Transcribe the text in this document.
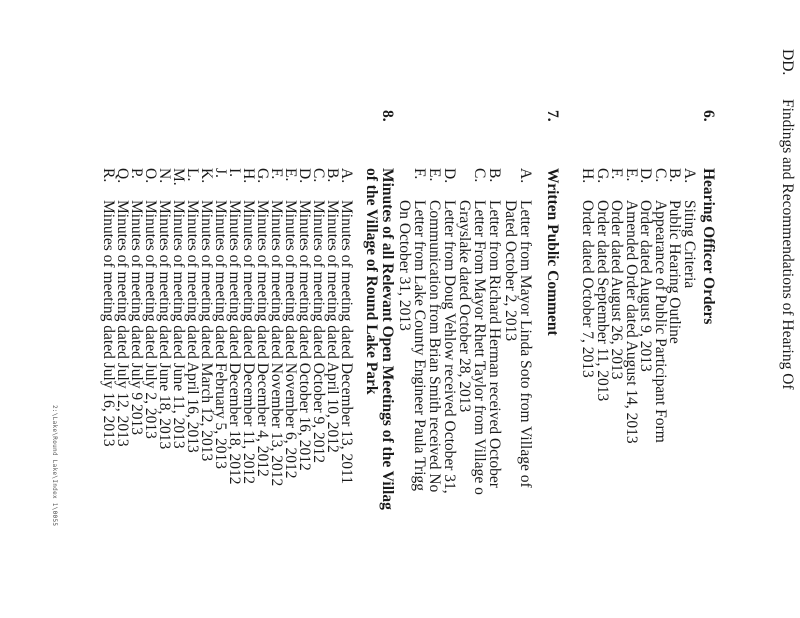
DD.
Findings and Recommendations of Hearing Of
6.
Hearing Officer Orders
A.
Siting Criteria
B.
Public Hearing Outline
C.
Appearance of Public Participant Form
D.
Order dated August 9, 2013
E.
Amended Order dated August 14, 2013
F.
Order dated August 26, 2013
G.
Order dated September 11, 2013
H.
Order dated October 7, 2013
7.
Written Public Comment
A.
Letter from Mayor Linda Soto from Village of
Dated October 2, 2013
B.
Letter from Richard Herman received October
C.
Letter From Mayor Rhett Taylor from Village o
Grayslake dated October 28, 2013
D.
Letter from Doug Vehlow received October 31,
E.
Communication from Brian Smith received No
F.
Letter from Lake County Engineer Paula Trigg
On October 31, 2013
8.
Minutes of all Relevant Open Meetings of the Villag
of the Village of Round Lake Park
A.
Minutes of meeting dated December 13, 2011
B.
Minutes of meeting dated April 10, 2012
C.
Minutes of meeting dated October 9, 2012
D.
Minutes of meeting dated October 16, 2012
E.
Minutes of meeting dated November 6, 2012
F.
Minutes of meeting dated November 13, 2012
G.
Minutes of meeting dated December 4, 2012
H.
Minutes of meeting dated December 11, 2012
I.
Minutes of meeting dated December 18, 2012
J.
Minutes of meeting dated February 5, 2013
K.
Minutes of meeting dated March 12, 2013
L.
Minutes of meeting dated April 16, 2013
M.
Minutes of meeting dated June 11, 2013
N.
Minutes of meeting dated June 18, 2013
O.
Minutes of meeting dated July 2, 2013
P.
Minutes of meeting dated July 9 2013
Q.
Minutes of meeting dated July 12, 2013
R.
Minutes of meeting dated July 16, 2013
2:\Lake\Round Lake\Index 1\0055
